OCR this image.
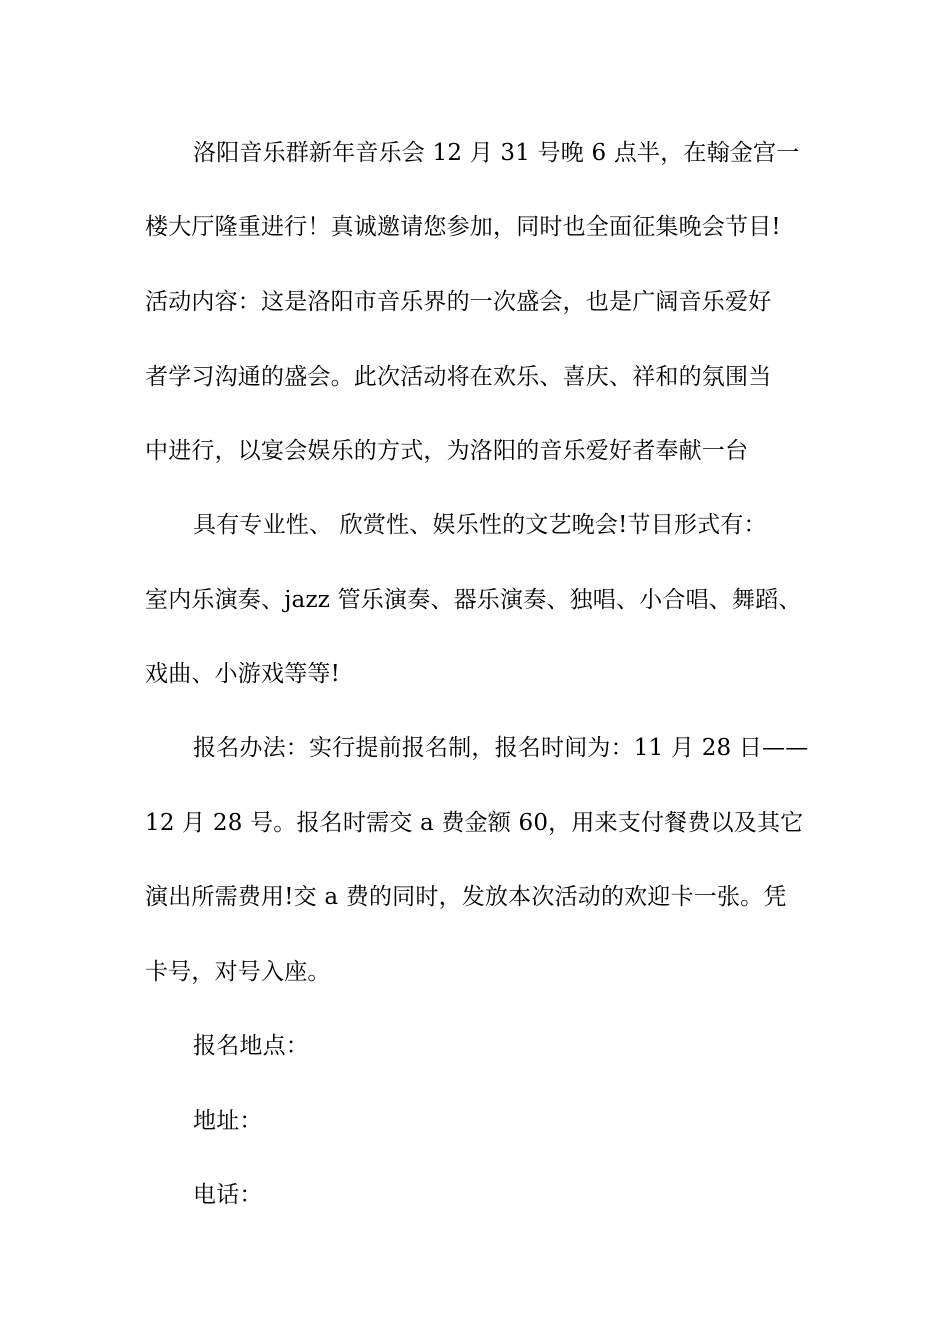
洛阳音乐群新年音乐会 12 月 31 号晚 6 点半，在翰金宫一
楼大厅隆重进行！真诚邀请您参加，同时也全面征集晚会节目!
活动内容：这是洛阳市音乐界的一次盛会，也是广阔音乐爱好
者学习沟通的盛会。此次活动将在欢乐、喜庆、祥和的氛围当
中进行，以宴会娱乐的方式，为洛阳的音乐爱好者奉献一台
具有专业性、 欣赏性、娱乐性的文艺晚会!节目形式有：
室内乐演奏、jazz 管乐演奏、器乐演奏、独唱、小合唱、舞蹈、
戏曲、小游戏等等!
报名办法：实行提前报名制，报名时间为：11 月 28 日——
12 月 28 号。报名时需交 a 费金额 60，用来支付餐费以及其它
演出所需费用!交 a 费的同时，发放本次活动的欢迎卡一张。凭
卡号，对号入座。
报名地点：
地址：
电话：
